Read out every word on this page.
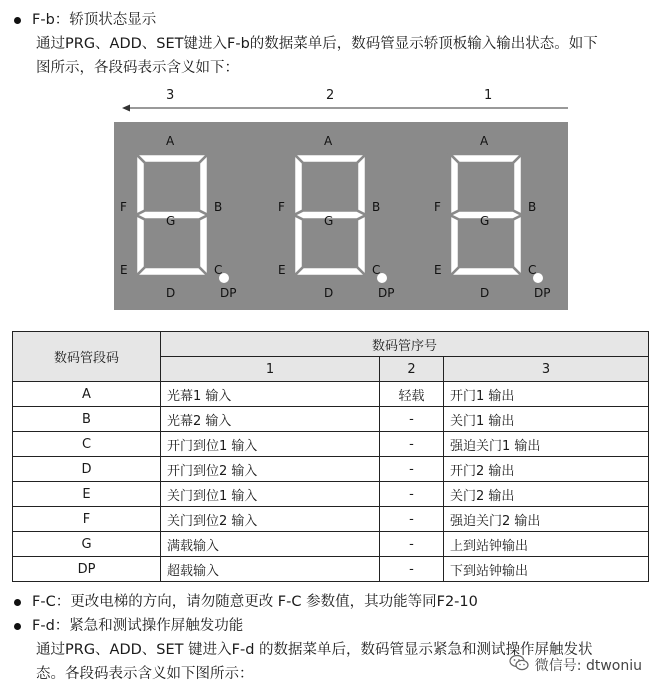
F-b：轿顶状态显示
通过PRG、ADD、SET键进入F-b的数据菜单后，数码管显示轿顶板输入输出状态。如下
图所示，各段码表示含义如下：
3	2	1
A
F	B
G
E	C
D	DP
A
F	B
G
E	C
D	DP
A
F	B
G
E	C
D	DP
数码管段码	数码管序号		
	1	2	3
A	光幕1 输入	轻载	开门1 输出
B	光幕2 输入	-	关门1 输出
C	开门到位1 输入	-	强迫关门1 输出
D	开门到位2 输入	-	开门2 输出
E	关门到位1 输入	-	关门2 输出
F	关门到位2 输入	-	强迫关门2 输出
G	满载输入	-	上到站钟输出
DP	超载输入	-	下到站钟输出
F-C：更改电梯的方向，请勿随意更改 F-C 参数值，其功能等同F2-10
F-d：紧急和测试操作屏触发功能
通过PRG、ADD、SET 键进入F-d 的数据菜单后，数码管显示紧急和测试操作屏触发状
态。各段码表示含义如下图所示：	微信号: dtwoniu
